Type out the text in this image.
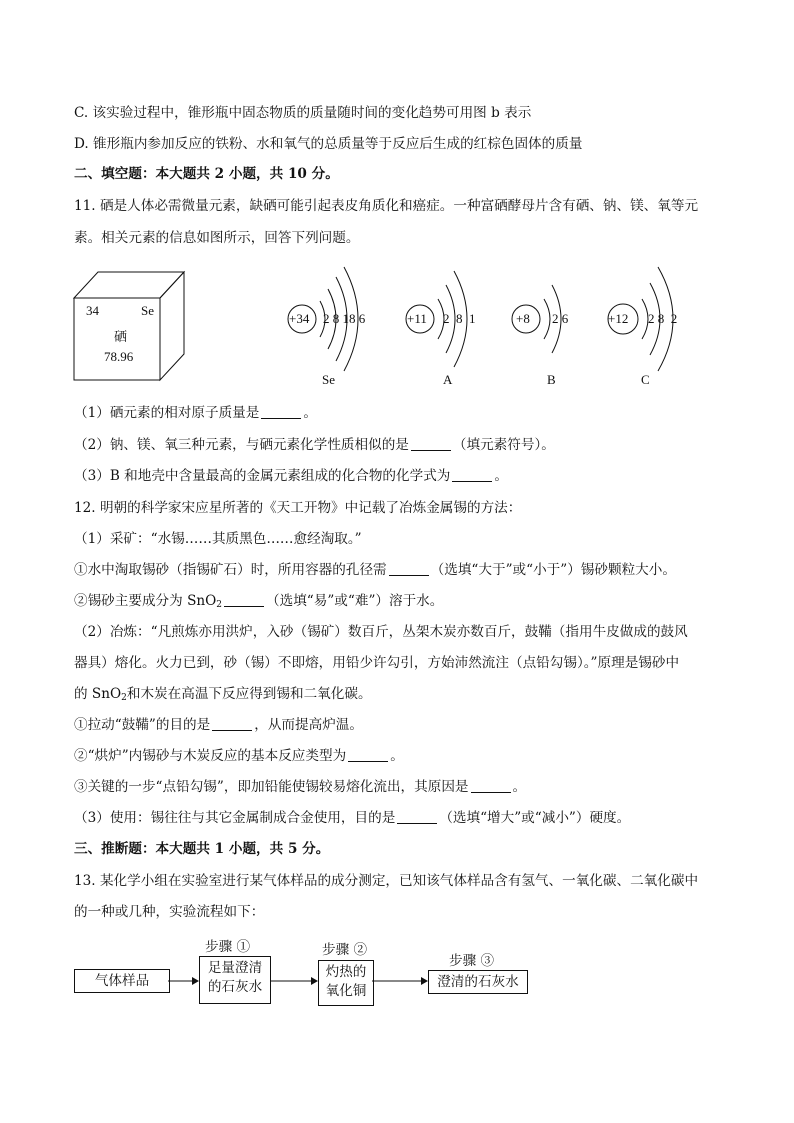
C. 该实验过程中，锥形瓶中固态物质的质量随时间的变化趋势可用图 b 表示
D. 锥形瓶内参加反应的铁粉、水和氧气的总质量等于反应后生成的红棕色固体的质量
二、填空题：本大题共 2 小题，共 10 分。
11. 硒是人体必需微量元素，缺硒可能引起表皮角质化和癌症。一种富硒酵母片含有硒、钠、镁、氧等元
素。相关元素的信息如图所示，回答下列问题。
34	Se
硒
78.96
+34 2 8 18 6
Se
+11 2  8  1
A
+8 2 6
B
+12 2 8  2
C
（1）硒元素的相对原子质量是	。
（2）钠、镁、氧三种元素，与硒元素化学性质相似的是	（填元素符号）。
（3）B 和地壳中含量最高的金属元素组成的化合物的化学式为	。
12. 明朝的科学家宋应星所著的《天工开物》中记载了冶炼金属锡的方法：
（1）采矿：“水锡……其质黑色……愈经淘取。”
①水中淘取锡砂（指锡矿石）时，所用容器的孔径需	（选填“大于”或“小于”）锡砂颗粒大小。
②锡砂主要成分为 SnO$_2$	（选填“易”或“难”）溶于水。
（2）冶炼：“凡煎炼亦用洪炉，入砂（锡矿）数百斤，丛架木炭亦数百斤，鼓鞴（指用牛皮做成的鼓风
器具）熔化。火力已到，砂（锡）不即熔，用铅少许勾引，方始沛然流注（点铅勾锡）。”原理是锡砂中
的 SnO$_2$和木炭在高温下反应得到锡和二氧化碳。
①拉动“鼓鞴”的目的是	，从而提高炉温。
②“烘炉”内锡砂与木炭反应的基本反应类型为	。
③关键的一步“点铅勾锡”，即加铅能使锡较易熔化流出，其原因是	。
（3）使用：锡往往与其它金属制成合金使用，目的是	（选填“增大”或“减小”）硬度。
三、推断题：本大题共 1 小题，共 5 分。
13. 某化学小组在实验室进行某气体样品的成分测定，已知该气体样品含有氢气、一氧化碳、二氧化碳中
的一种或几种，实验流程如下：
气体样品
步骤 ①
足量澄清
的石灰水
步骤 ②
灼热的
氧化铜
步骤 ③
澄清的石灰水
